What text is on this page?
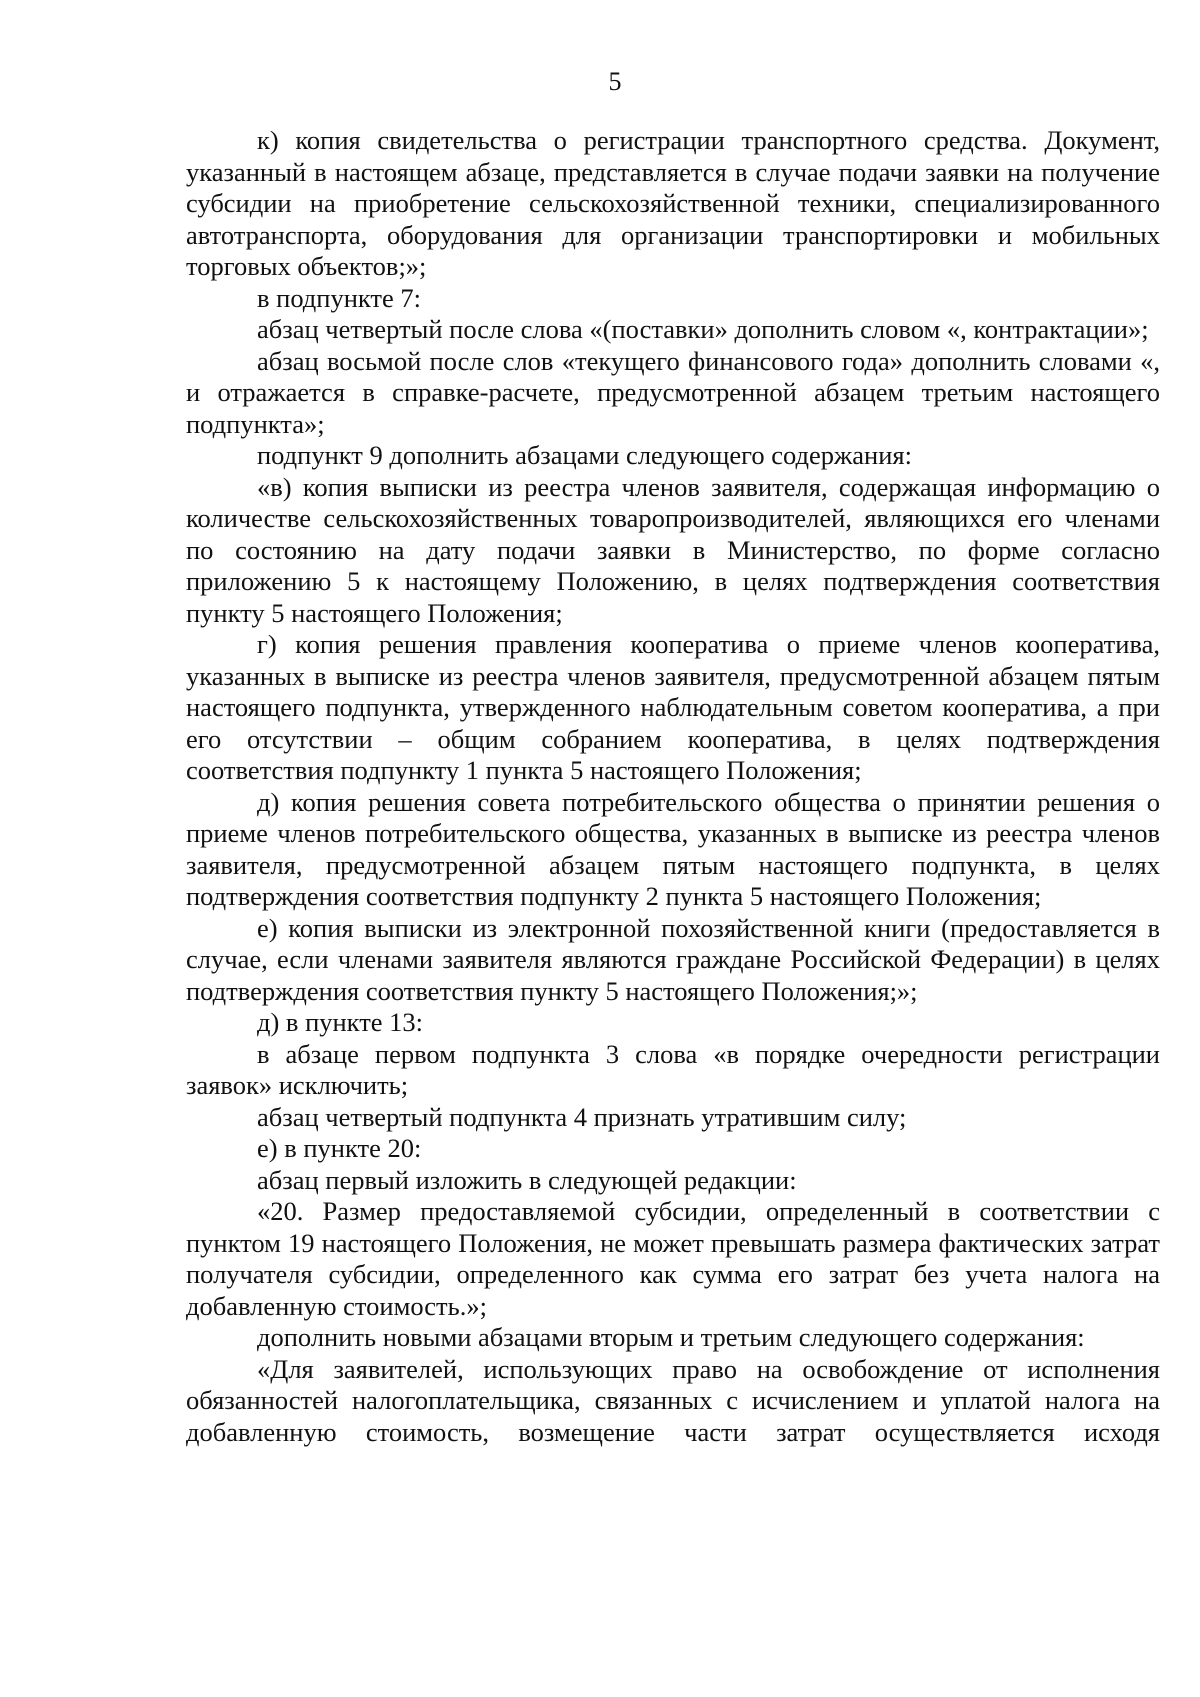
5

к) копия свидетельства о регистрации транспортного средства. Документ, указанный в настоящем абзаце, представляется в случае подачи заявки на получение субсидии на приобретение сельскохозяйственной техники, специализированного автотранспорта, оборудования для организации транспортировки и мобильных торговых объектов;»;

в подпункте 7:

абзац четвертый после слова «(поставки» дополнить словом «, контрактации»;

абзац восьмой после слов «текущего финансового года» дополнить словами «, и отражается в справке-расчете, предусмотренной абзацем третьим настоящего подпункта»;

подпункт 9 дополнить абзацами следующего содержания:

«в) копия выписки из реестра членов заявителя, содержащая информацию о количестве сельскохозяйственных товаропроизводителей, являющихся его членами по состоянию на дату подачи заявки в Министерство, по форме согласно приложению 5 к настоящему Положению, в целях подтверждения соответствия пункту 5 настоящего Положения;

г) копия решения правления кооператива о приеме членов кооператива, указанных в выписке из реестра членов заявителя, предусмотренной абзацем пятым настоящего подпункта, утвержденного наблюдательным советом кооператива, а при его отсутствии – общим собранием кооператива, в целях подтверждения соответствия подпункту 1 пункта 5 настоящего Положения;

д) копия решения совета потребительского общества о принятии решения о приеме членов потребительского общества, указанных в выписке из реестра членов заявителя, предусмотренной абзацем пятым настоящего подпункта, в целях подтверждения соответствия подпункту 2 пункта 5 настоящего Положения;

е) копия выписки из электронной похозяйственной книги (предоставляется в случае, если членами заявителя являются граждане Российской Федерации) в целях подтверждения соответствия пункту 5 настоящего Положения;»;

д) в пункте 13:

в абзаце первом подпункта 3 слова «в порядке очередности регистрации заявок» исключить;

абзац четвертый подпункта 4 признать утратившим силу;

е) в пункте 20:

абзац первый изложить в следующей редакции:

«20. Размер предоставляемой субсидии, определенный в соответствии с пунктом 19 настоящего Положения, не может превышать размера фактических затрат получателя субсидии, определенного как сумма его затрат без учета налога на добавленную стоимость.»;

дополнить новыми абзацами вторым и третьим следующего содержания:

«Для заявителей, использующих право на освобождение от исполнения обязанностей налогоплательщика, связанных с исчислением и уплатой налога на добавленную стоимость, возмещение части затрат осуществляется исходя
